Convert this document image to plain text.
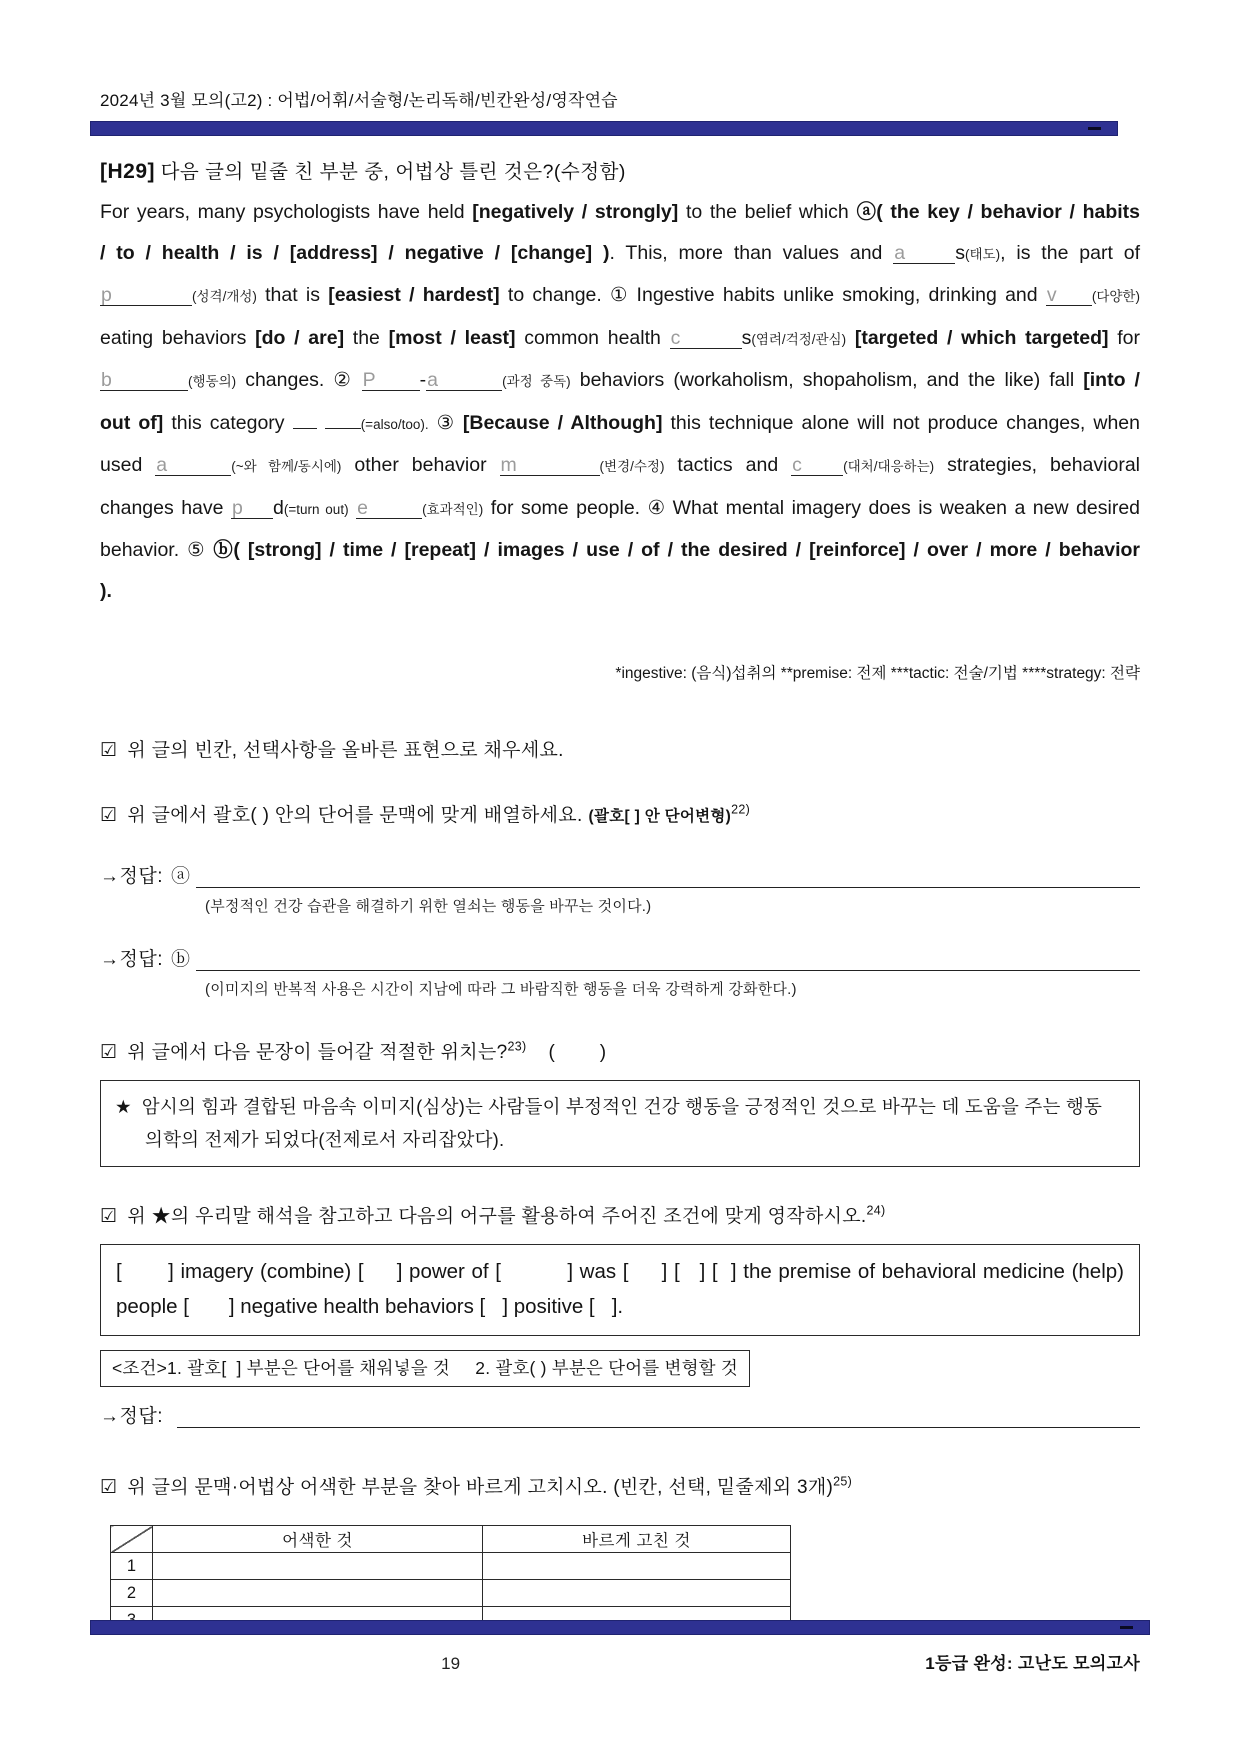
2024년 3월 모의(고2) : 어법/어휘/서술형/논리독해/빈칸완성/영작연습
[H29] 다음 글의 밑줄 친 부분 중, 어법상 틀린 것은?(수정함)

For years, many psychologists have held [negatively / strongly] to the belief which ⓐ( the key / behavior / habits / to / health / is / [address] / negative / [change] ). This, more than values and a	s(태도), is the part of p	(성격/개성) that is [easiest / hardest] to change. ① Ingestive habits unlike smoking, drinking and v	(다양한) eating behaviors [do / are] the [most / least] common health c	s(염려/걱정/관심) [targeted / which targeted] for b	(행동의) changes. ② P -a	(과정 중독) behaviors (workaholism, shopaholism, and the like) fall [into / out of] this category	(=also/too). ③ [Because / Although] this technique alone will not produce changes, when used a	(~와 함께/동시에) other behavior m	(변경/수정) tactics and c	(대처/대응하는) strategies, behavioral changes have p d(=turn out) e	(효과적인) for some people. ④ What mental imagery does is weaken a new desired behavior. ⑤ ⓑ( [strong] / time / [repeat] / images / use / of / the desired / [reinforce] / over / more / behavior ).

*ingestive: (음식)섭취의 **premise: 전제 ***tactic: 전술/기법 ****strategy: 전략
☑ 위 글의 빈칸, 선택사항을 올바른 표현으로 채우세요.
☑ 위 글에서 괄호( ) 안의 단어를 문맥에 맞게 배열하세요. (괄호[ ] 안 단어변형)$^{22)}$
→정답: ⓐ
(부정적인 건강 습관을 해결하기 위한 열쇠는 행동을 바꾸는 것이다.)
→정답: ⓑ
(이미지의 반복적 사용은 시간이 지남에 따라 그 바람직한 행동을 더욱 강력하게 강화한다.)
☑ 위 글에서 다음 문장이 들어갈 적절한 위치는?$^{23)}$ (       )
★ 암시의 힘과 결합된 마음속 이미지(심상)는 사람들이 부정적인 건강 행동을 긍정적인 것으로 바꾸는 데 도움을 주는 행동 의학의 전제가 되었다(전제로서 자리잡았다).
☑ 위 ★의 우리말 해석을 참고하고 다음의 어구를 활용하여 주어진 조건에 맞게 영작하시오.$^{24)}$
[       ] imagery (combine) [     ] power of [          ] was [     ] [   ] [  ] the premise of behavioral medicine (help) people [       ] negative health behaviors [   ] positive [   ].
<조건>1. 괄호[  ] 부분은 단어를 채워넣을 것     2. 괄호( ) 부분은 단어를 변형할 것
→정답:
☑ 위 글의 문맥·어법상 어색한 부분을 찾아 바르게 고치시오. (빈칸, 선택, 밑줄제외 3개)$^{25)}$
	어색한 것	바르게 고친 것
1		
2		

19	1등급 완성: 고난도 모의고사
